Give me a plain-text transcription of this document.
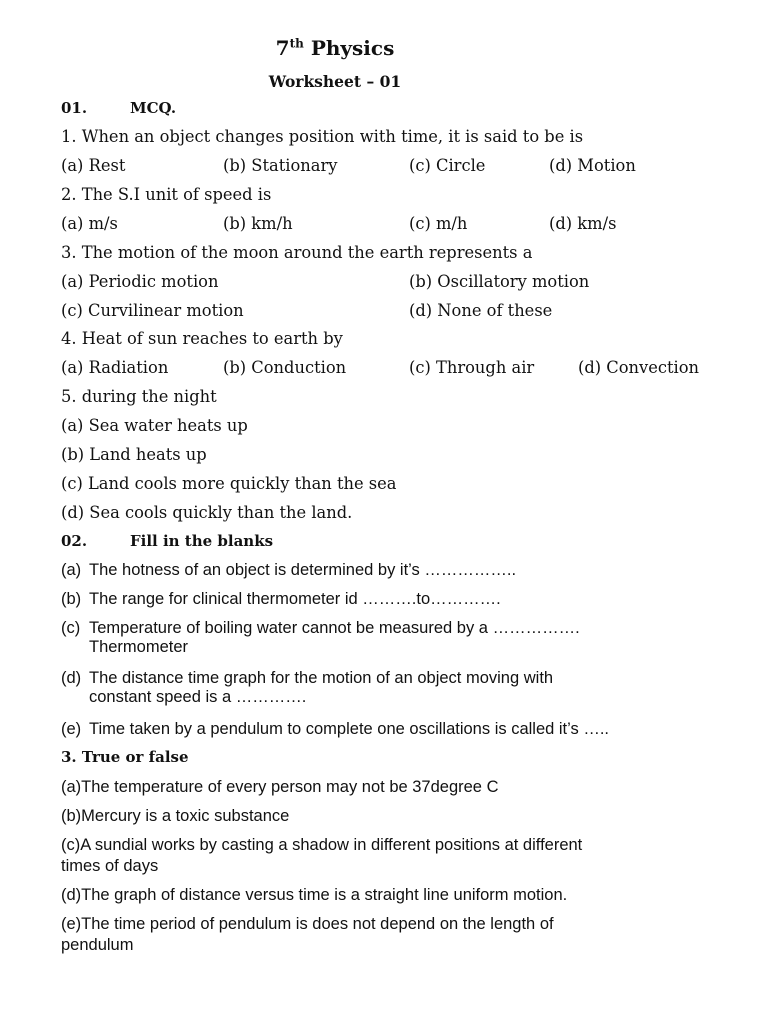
7th Physics
Worksheet – 01
01.	MCQ.
1. When an object changes position with time, it is said to be is
(a) Rest	(b) Stationary	(c) Circle	(d) Motion
2. The S.I unit of speed is
(a) m/s	(b) km/h	(c) m/h	(d) km/s
3. The motion of the moon around the earth represents a
(a) Periodic motion	(b) Oscillatory motion
(c) Curvilinear motion	(d) None of these
4. Heat of sun reaches to earth by
(a) Radiation	(b) Conduction	(c) Through air	(d) Convection
5. during the night
(a) Sea water heats up
(b) Land heats up
(c) Land cools more quickly than the sea
(d) Sea cools quickly than the land.
02.	Fill in the blanks
(a) The hotness of an object is determined by it’s ……………..
(b) The range for clinical thermometer id ……….to………….
(c) Temperature of boiling water cannot be measured by a …………….
Thermometer
(d) The distance time graph for the motion of an object moving with
constant speed is a ………….
(e) Time taken by a pendulum to complete one oscillations is called it’s …..
3. True or false
(a)The temperature of every person may not be 37degree C
(b)Mercury is a toxic substance
(c)A sundial works by casting a shadow in different positions at different
times of days
(d)The graph of distance versus time is a straight line uniform motion.
(e)The time period of pendulum is does not depend on the length of
pendulum
